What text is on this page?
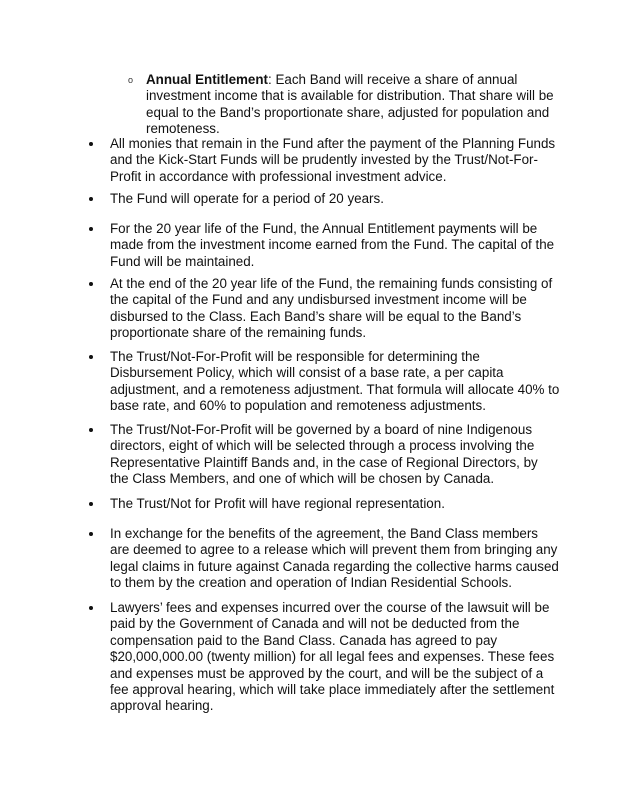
o Annual Entitlement: Each Band will receive a share of annual investment income that is available for distribution. That share will be equal to the Band’s proportionate share, adjusted for population and remoteness.
All monies that remain in the Fund after the payment of the Planning Funds and the Kick-Start Funds will be prudently invested by the Trust/Not-For-Profit in accordance with professional investment advice.
The Fund will operate for a period of 20 years.
For the 20 year life of the Fund, the Annual Entitlement payments will be made from the investment income earned from the Fund. The capital of the Fund will be maintained.
At the end of the 20 year life of the Fund, the remaining funds consisting of the capital of the Fund and any undisbursed investment income will be disbursed to the Class. Each Band’s share will be equal to the Band’s proportionate share of the remaining funds.
The Trust/Not-For-Profit will be responsible for determining the Disbursement Policy, which will consist of a base rate, a per capita adjustment, and a remoteness adjustment. That formula will allocate 40% to base rate, and 60% to population and remoteness adjustments.
The Trust/Not-For-Profit will be governed by a board of nine Indigenous directors, eight of which will be selected through a process involving the Representative Plaintiff Bands and, in the case of Regional Directors, by the Class Members, and one of which will be chosen by Canada.
The Trust/Not for Profit will have regional representation.
In exchange for the benefits of the agreement, the Band Class members are deemed to agree to a release which will prevent them from bringing any legal claims in future against Canada regarding the collective harms caused to them by the creation and operation of Indian Residential Schools.
Lawyers’ fees and expenses incurred over the course of the lawsuit will be paid by the Government of Canada and will not be deducted from the compensation paid to the Band Class. Canada has agreed to pay $20,000,000.00 (twenty million) for all legal fees and expenses. These fees and expenses must be approved by the court, and will be the subject of a fee approval hearing, which will take place immediately after the settlement approval hearing.
